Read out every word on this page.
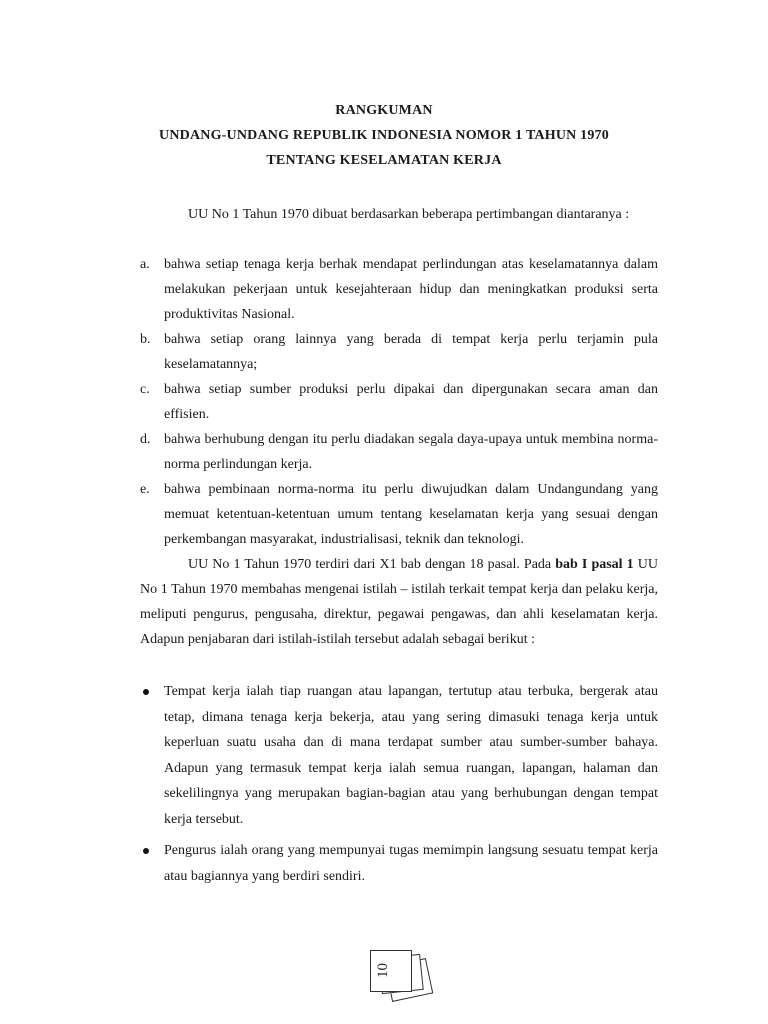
RANGKUMAN
UNDANG-UNDANG REPUBLIK INDONESIA NOMOR 1 TAHUN 1970
TENTANG KESELAMATAN KERJA

UU No 1 Tahun 1970 dibuat berdasarkan beberapa pertimbangan diantaranya :

a. bahwa setiap tenaga kerja berhak mendapat perlindungan atas keselamatannya dalam melakukan pekerjaan untuk kesejahteraan hidup dan meningkatkan produksi serta produktivitas Nasional.
b. bahwa setiap orang lainnya yang berada di tempat kerja perlu terjamin pula keselamatannya;
c. bahwa setiap sumber produksi perlu dipakai dan dipergunakan secara aman dan effisien.
d. bahwa berhubung dengan itu perlu diadakan segala daya-upaya untuk membina norma-norma perlindungan kerja.
e. bahwa pembinaan norma-norma itu perlu diwujudkan dalam Undangundang yang memuat ketentuan-ketentuan umum tentang keselamatan kerja yang sesuai dengan perkembangan masyarakat, industrialisasi, teknik dan teknologi.

UU No 1 Tahun 1970 terdiri dari X1 bab dengan 18 pasal. Pada bab I pasal 1 UU No 1 Tahun 1970 membahas mengenai istilah – istilah terkait tempat kerja dan pelaku kerja, meliputi pengurus, pengusaha, direktur, pegawai pengawas, dan ahli keselamatan kerja. Adapun penjabaran dari istilah-istilah tersebut adalah sebagai berikut :

Tempat kerja ialah tiap ruangan atau lapangan, tertutup atau terbuka, bergerak atau tetap, dimana tenaga kerja bekerja, atau yang sering dimasuki tenaga kerja untuk keperluan suatu usaha dan di mana terdapat sumber atau sumber-sumber bahaya. Adapun yang termasuk tempat kerja ialah semua ruangan, lapangan, halaman dan sekelilingnya yang merupakan bagian-bagian atau yang berhubungan dengan tempat kerja tersebut.
Pengurus ialah orang yang mempunyai tugas memimpin langsung sesuatu tempat kerja atau bagiannya yang berdiri sendiri.
10
